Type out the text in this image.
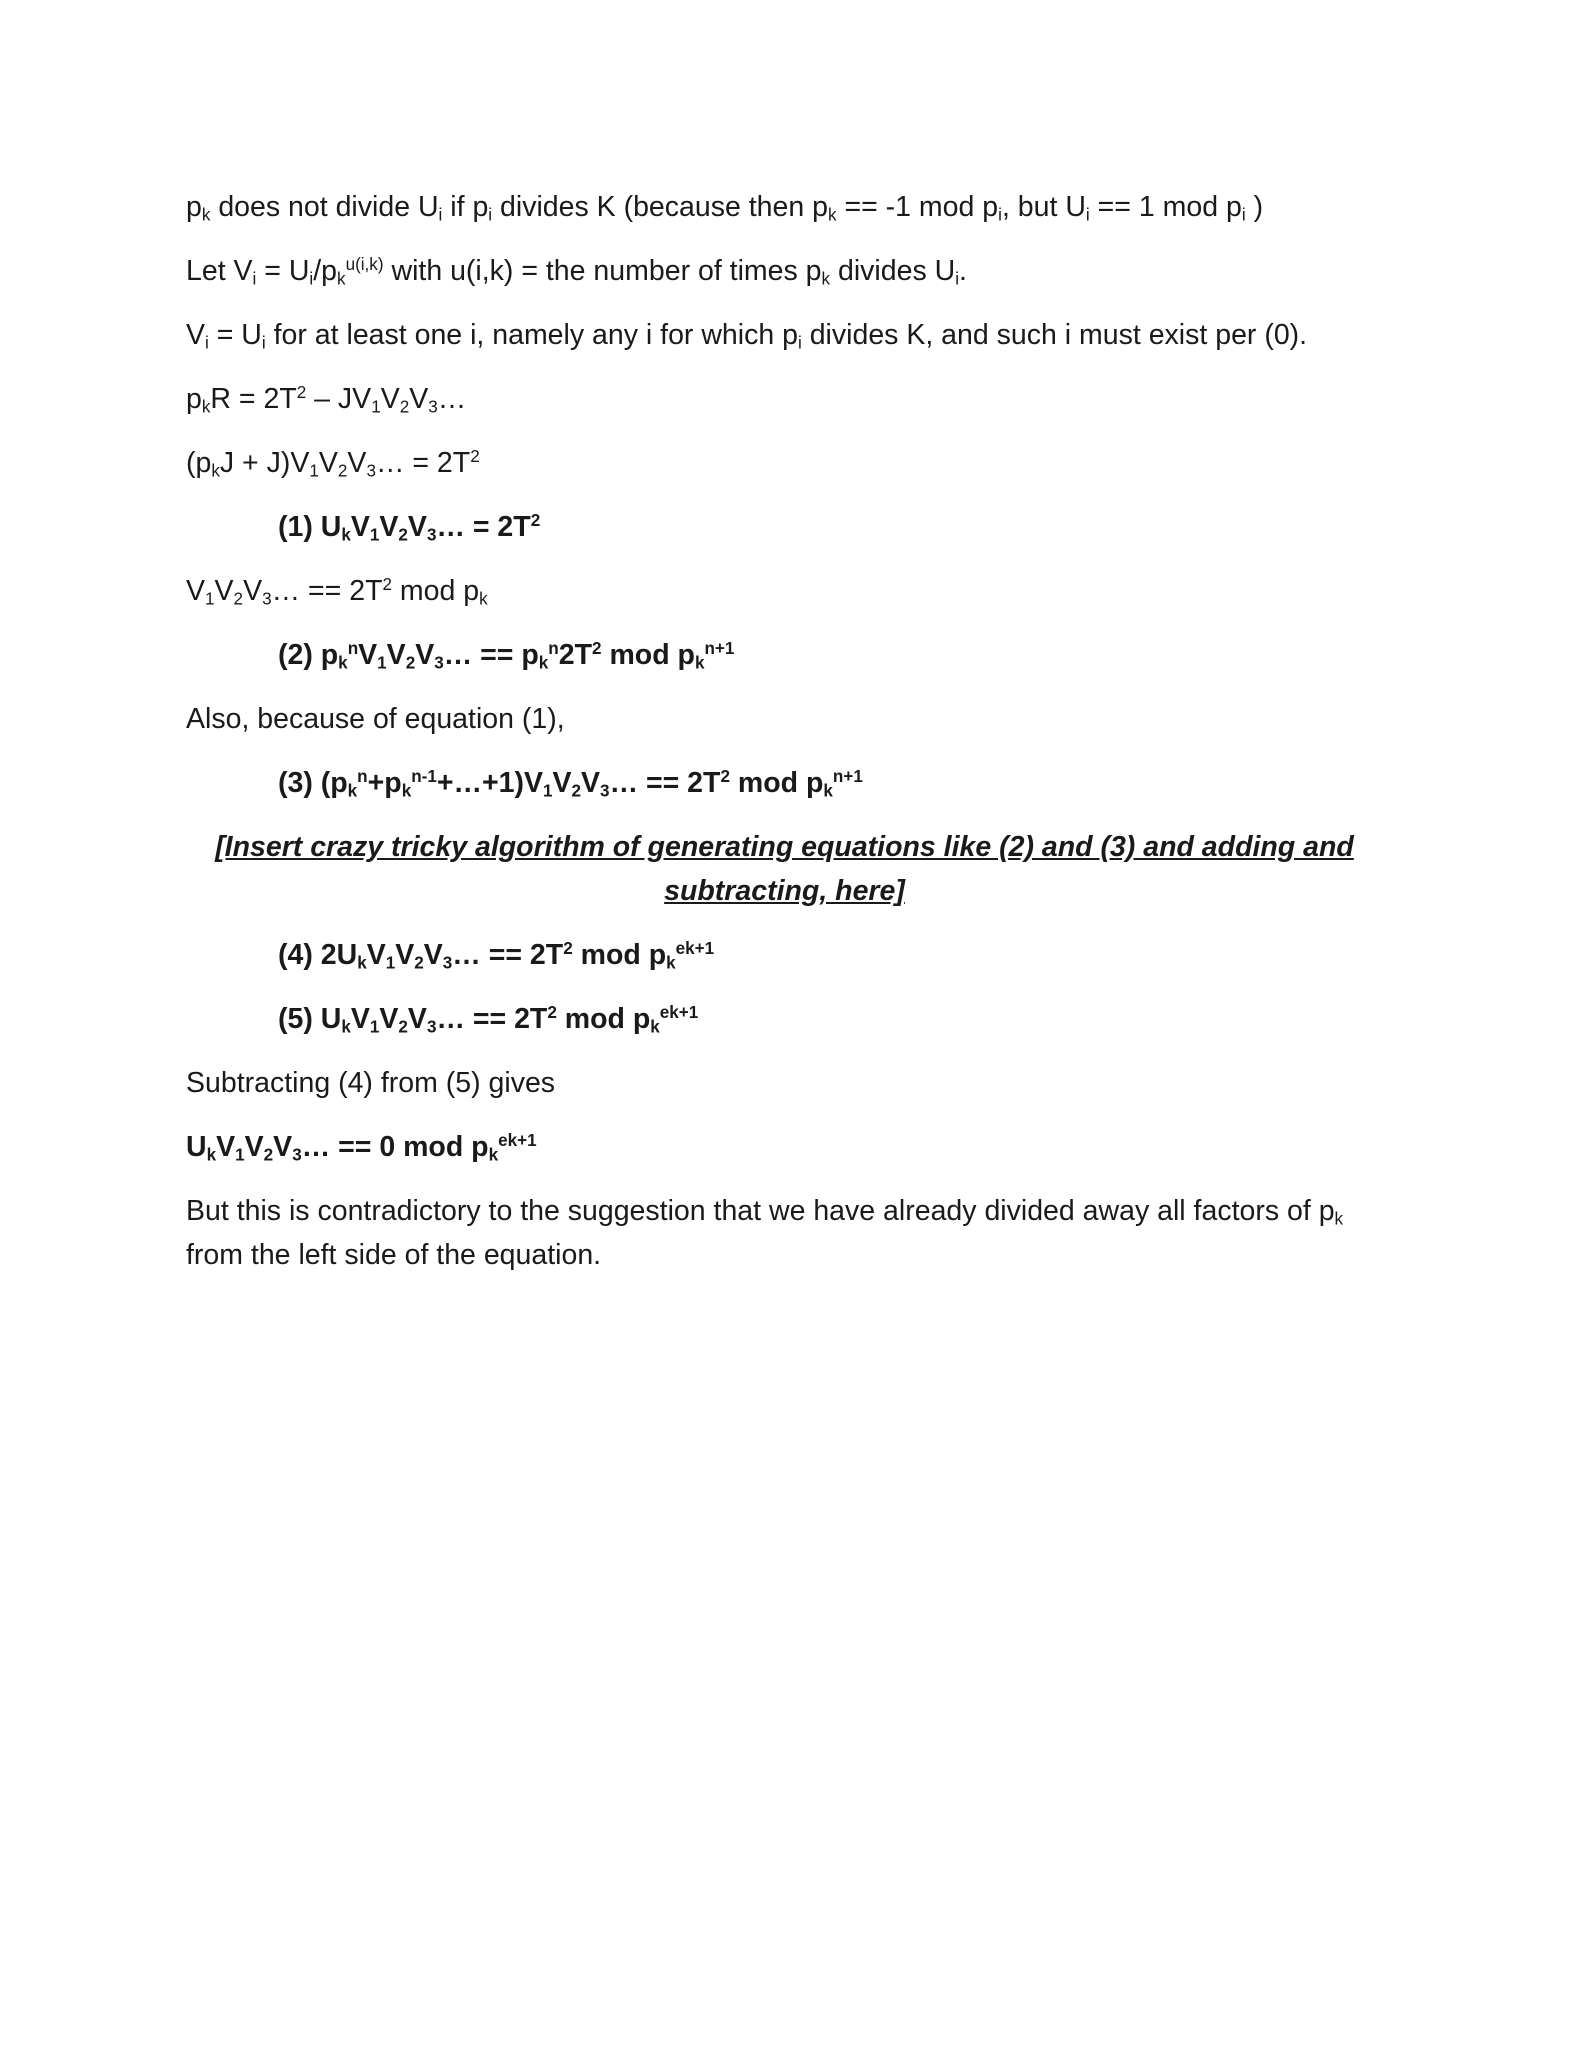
$p_k$ does not divide $U_i$ if $p_i$ divides K (because then $p_k == -1$ mod $p_i$, but $U_i == 1$ mod $p_i$ )
Let $V_i = U_i/p_k^{u(i,k)}$ with u(i,k) = the number of times $p_k$ divides $U_i$.
$V_i = U_i$ for at least one i, namely any i for which $p_i$ divides K, and such i must exist per (0).
$p_kR = 2T^2$ – $JV_1V_2V_3\dots$
($p_kJ$ + $J)V_1V_2V_3\dots = 2T^2$
(1) $U_kV_1V_2V_3\dots = 2T^2$
$V_1V_2V_3\dots == 2T^2$ mod $p_k$
(2) $p_k^nV_1V_2V_3\dots == p_k^n2T^2$ mod $p_k^{n+1}$
Also, because of equation (1),
(3) $(p_k^n+p_k^{n-1}+\dots+1)V_1V_2V_3\dots == 2T^2$ mod $p_k^{n+1}$
[Insert crazy tricky algorithm of generating equations like (2) and (3) and adding and subtracting, here]
(4) $2U_kV_1V_2V_3\dots == 2T^2$ mod $p_k^{ek+1}$
(5) $U_kV_1V_2V_3\dots == 2T^2$ mod $p_k^{ek+1}$
Subtracting (4) from (5) gives
$U_kV_1V_2V_3\dots == 0$ mod $p_k^{ek+1}$
But this is contradictory to the suggestion that we have already divided away all factors of $p_k$ from the left side of the equation.
